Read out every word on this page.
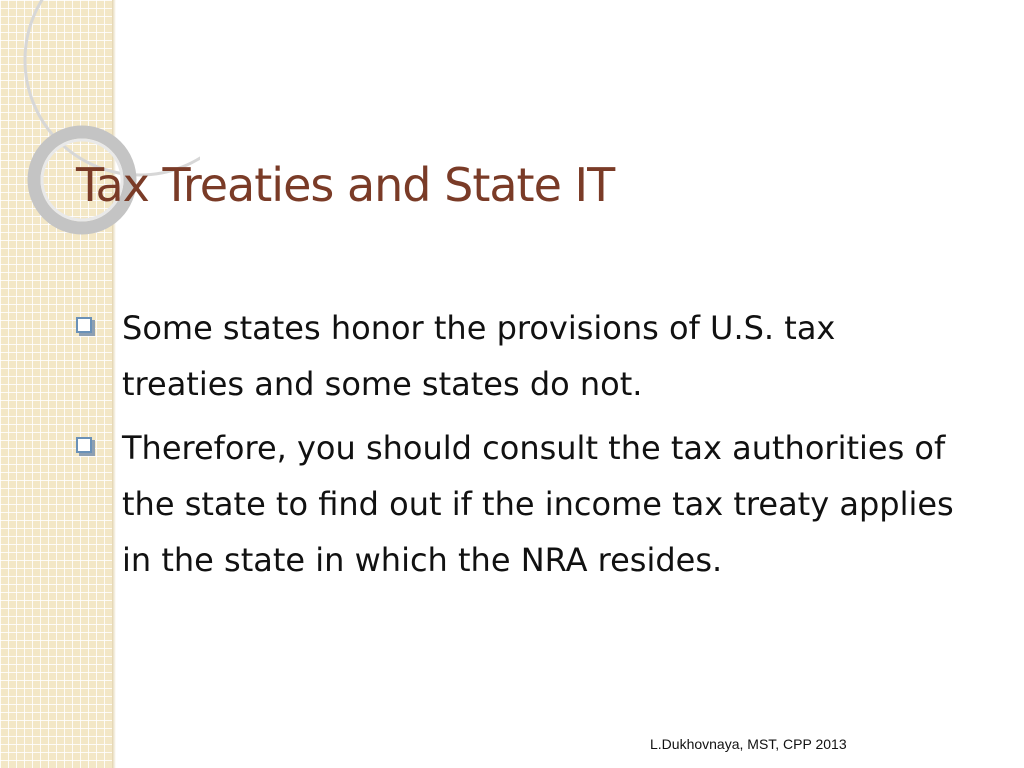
Tax Treaties and State IT
Some states honor the provisions of U.S. tax treaties and some states do not.
Therefore, you should consult the tax authorities of the state to find out if the income tax treaty applies in the state in which the NRA resides.
L.Dukhovnaya, MST, CPP 2013
